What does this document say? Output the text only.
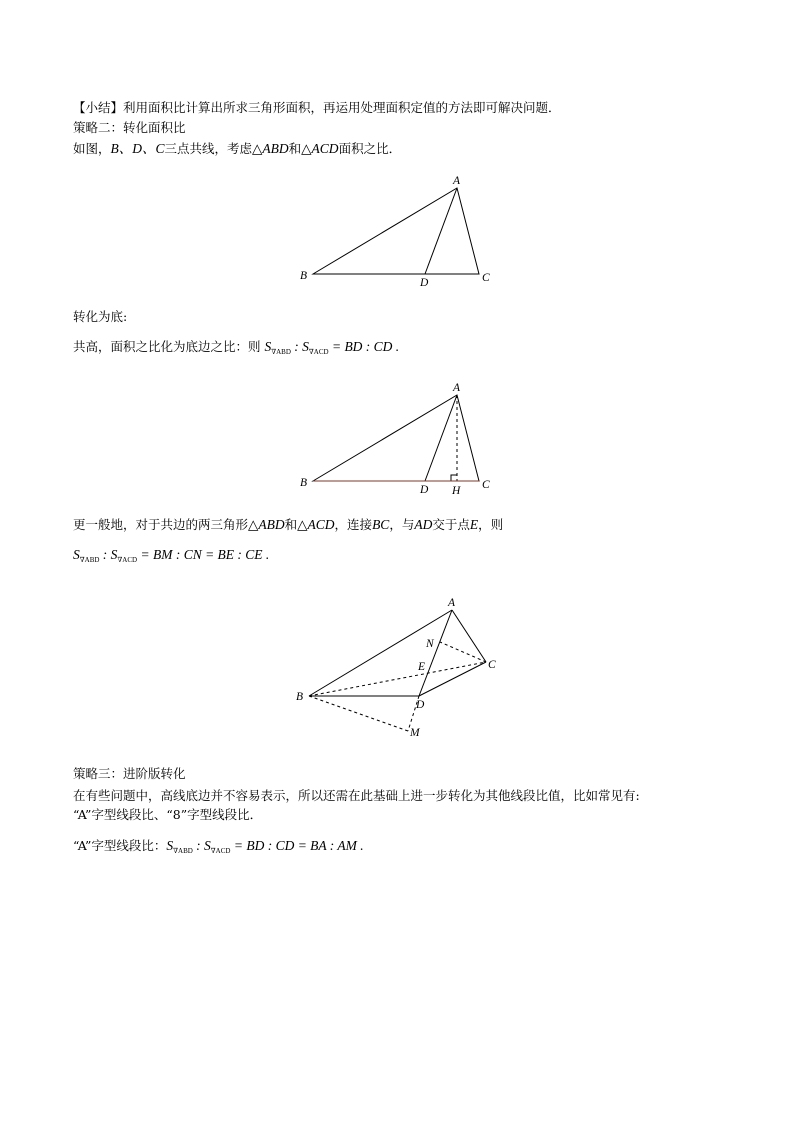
【小结】利用面积比计算出所求三角形面积，再运用处理面积定值的方法即可解决问题．
策略二：转化面积比
如图，B、D、C三点共线，考虑△ABD和△ACD面积之比．
转化为底:
共高，面积之比化为底边之比：则 $S_{\nabla ABD}$ : $S_{\nabla ACD}$ = BD : CD .
更一般地，对于共边的两三角形△ABD和△ACD，连接BC，与AD交于点E，则
$S_{\nabla ABD}$ : $S_{\nabla ACD}$ = BM : CN = BE : CE .
策略三：进阶版转化
在有些问题中，高线底边并不容易表示，所以还需在此基础上进一步转化为其他线段比值，比如常见有:
“A”字型线段比、“8”字型线段比．
“A”字型线段比：$S_{\nabla ABD}$ : $S_{\nabla ACD}$ = BD : CD = BA : AM .
A
B
D	C
A
B
D H C
A
N
E	C
B
D
M
